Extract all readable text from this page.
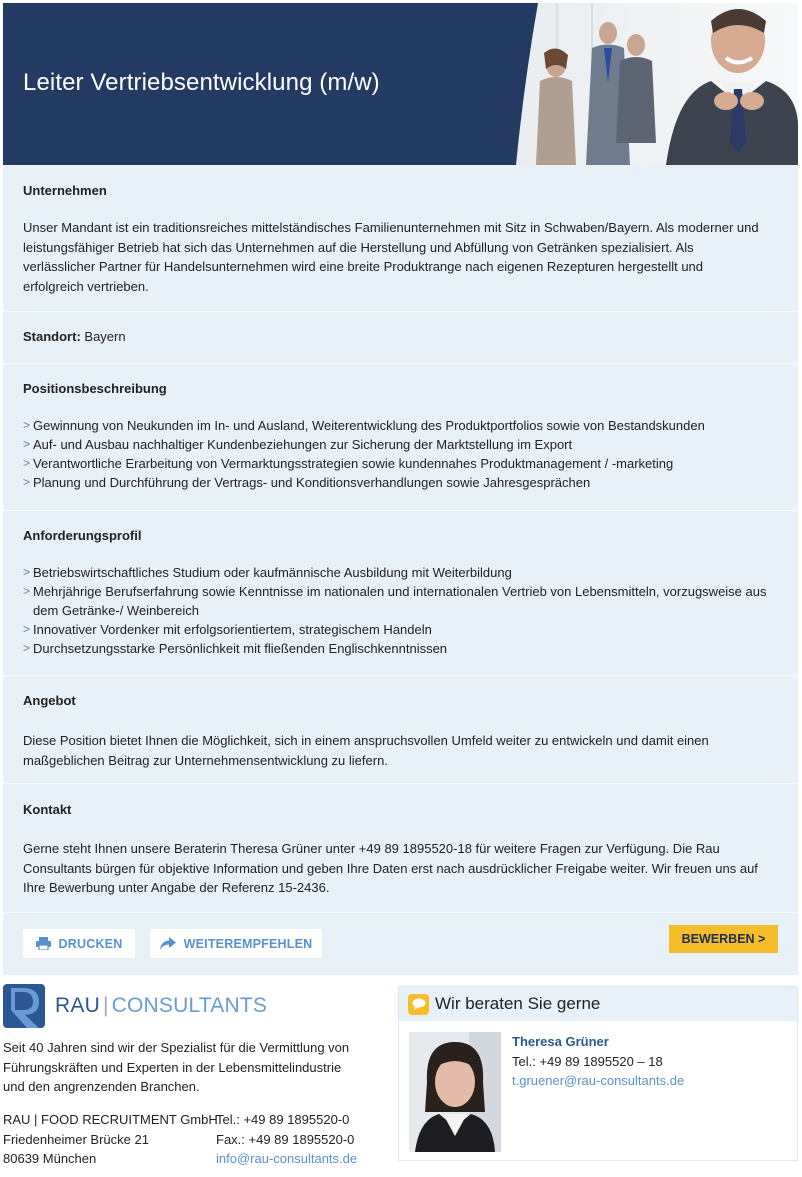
Leiter Vertriebsentwicklung (m/w)
Unternehmen
Unser Mandant ist ein traditionsreiches mittelständisches Familienunternehmen mit Sitz in Schwaben/Bayern. Als moderner und
leistungsfähiger Betrieb hat sich das Unternehmen auf die Herstellung und Abfüllung von Getränken spezialisiert. Als
verlässlicher Partner für Handelsunternehmen wird eine breite Produktrange nach eigenen Rezepturen hergestellt und
erfolgreich vertrieben.
Standort: Bayern
Positionsbeschreibung
> Gewinnung von Neukunden im In- und Ausland, Weiterentwicklung des Produktportfolios sowie von Bestandskunden
> Auf- und Ausbau nachhaltiger Kundenbeziehungen zur Sicherung der Marktstellung im Export
> Verantwortliche Erarbeitung von Vermarktungsstrategien sowie kundennahes Produktmanagement / -marketing
> Planung und Durchführung der Vertrags- und Konditionsverhandlungen sowie Jahresgesprächen
Anforderungsprofil
> Betriebswirtschaftliches Studium oder kaufmännische Ausbildung mit Weiterbildung
> Mehrjährige Berufserfahrung sowie Kenntnisse im nationalen und internationalen Vertrieb von Lebensmitteln, vorzugsweise aus dem Getränke-/ Weinbereich
> Innovativer Vordenker mit erfolgsorientiertem, strategischem Handeln
> Durchsetzungsstarke Persönlichkeit mit fließenden Englischkenntnissen
Angebot
Diese Position bietet Ihnen die Möglichkeit, sich in einem anspruchsvollen Umfeld weiter zu entwickeln und damit einen
maßgeblichen Beitrag zur Unternehmensentwicklung zu liefern.
Kontakt
Gerne steht Ihnen unsere Beraterin Theresa Grüner unter +49 89 1895520-18 für weitere Fragen zur Verfügung. Die Rau
Consultants bürgen für objektive Information und geben Ihre Daten erst nach ausdrücklicher Freigabe weiter. Wir freuen uns auf
Ihre Bewerbung unter Angabe der Referenz 15-2436.
DRUCKEN	WEITEREMPFEHLEN	BEWERBEN >
RAU | CONSULTANTS
Seit 40 Jahren sind wir der Spezialist für die Vermittlung von
Führungskräften und Experten in der Lebensmittelindustrie
und den angrenzenden Branchen.
RAU | FOOD RECRUITMENT GmbH
Friedenheimer Brücke 21
80639 München
Tel.: +49 89 1895520-0
Fax.: +49 89 1895520-0
info@rau-consultants.de
Wir beraten Sie gerne
Theresa Grüner
Tel.: +49 89 1895520 – 18
t.gruener@rau-consultants.de
